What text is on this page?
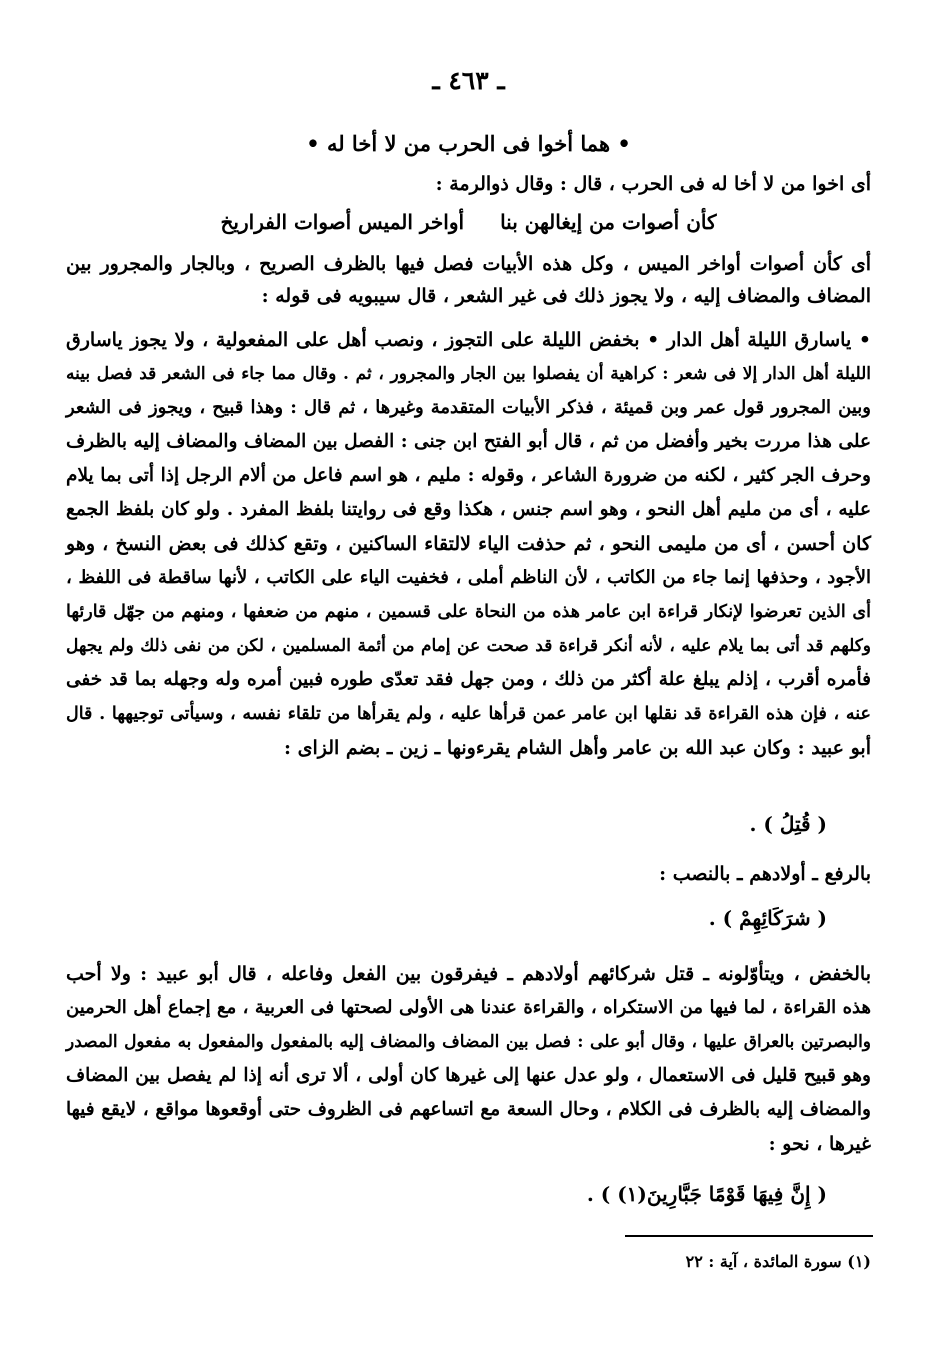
ـ ٤٦٣ ـ
• هما أخوا فى الحرب من لا أخا له •
أى اخوا من لا أخا له فى الحرب ، قال : وقال ذوالرمة :
كأن أصوات من إيغالهن بنا
أواخر الميس أصوات الفراريخ
أى كأن أصوات أواخر الميس ، وكل هذه الأبيات فصل فيها بالظرف الصريح ، وبالجار والمجرور بين
المضاف والمضاف إليه ، ولا يجوز ذلك فى غير الشعر ، قال سيبويه فى قوله :
• ياسارق الليلة أهل الدار • بخفض الليلة على التجوز ، ونصب أهل على المفعولية ، ولا يجوز ياسارق
الليلة أهل الدار إلا فى شعر : كراهية أن يفصلوا بين الجار والمجرور ، ثم . وقال مما جاء فى الشعر قد فصل بينه
وبين المجرور قول عمر وبن قميئة ، فذكر الأبيات المتقدمة وغيرها ، ثم قال : وهذا قبيح ، ويجوز فى الشعر
على هذا مررت بخير وأفضل من ثم ، قال أبو الفتح ابن جنى : الفصل بين المضاف والمضاف إليه بالظرف
وحرف الجر كثير ، لكنه من ضرورة الشاعر ، وقوله : مليم ، هو اسم فاعل من ألام الرجل إذا أتى بما يلام
عليه ، أى من مليم أهل النحو ، وهو اسم جنس ، هكذا وقع فى روايتنا بلفظ المفرد . ولو كان بلفظ الجمع
كان أحسن ، أى من مليمى النحو ، ثم حذفت الياء لالتقاء الساكنين ، وتقع كذلك فى بعض النسخ ، وهو
الأجود ، وحذفها إنما جاء من الكاتب ، لأن الناظم أملى ، فخفيت الياء على الكاتب ، لأنها ساقطة فى اللفظ ،
أى الذين تعرضوا لإنكار قراءة ابن عامر هذه من النحاة على قسمين ، منهم من ضعفها ، ومنهم من جهّل قارئها
وكلهم قد أتى بما يلام عليه ، لأنه أنكر قراءة قد صحت عن إمام من أئمة المسلمين ، لكن من نفى ذلك ولم يجهل
فأمره أقرب ، إذلم يبلغ علة أكثر من ذلك ، ومن جهل فقد تعدّى طوره فبين أمره وله وجهله بما قد خفى
عنه ، فإن هذه القراءة قد نقلها ابن عامر عمن قرأها عليه ، ولم يقرأها من تلقاء نفسه ، وسيأتى توجيهها . قال
أبو عبيد : وكان عبد الله بن عامر وأهل الشام يقرءونها ـ زين ـ بضم الزاى :
( قُتِلُ ) .
بالرفع ـ أولادهم ـ بالنصب :
( شرَكَائِهِمْ ) .
بالخفض ، ويتأوّلونه ـ قتل شركائهم أولادهم ـ فيفرقون بين الفعل وفاعله ، قال أبو عبيد : ولا أحب
هذه القراءة ، لما فيها من الاستكراه ، والقراءة عندنا هى الأولى لصحتها فى العربية ، مع إجماع أهل الحرمين
والبصرتين بالعراق عليها ، وقال أبو على : فصل بين المضاف والمضاف إليه بالمفعول والمفعول به مفعول المصدر
وهو قبيح قليل فى الاستعمال ، ولو عدل عنها إلى غيرها كان أولى ، ألا ترى أنه إذا لم يفصل بين المضاف
والمضاف إليه بالظرف فى الكلام ، وحال السعة مع اتساعهم فى الظروف حتى أوقعوها مواقع ، لايقع فيها
غيرها ، نحو :
( إِنَّ فِيهَا قَوْمًا جَبَّارِينَ(١) ) .
(١) سورة المائدة ، آية : ٢٢
